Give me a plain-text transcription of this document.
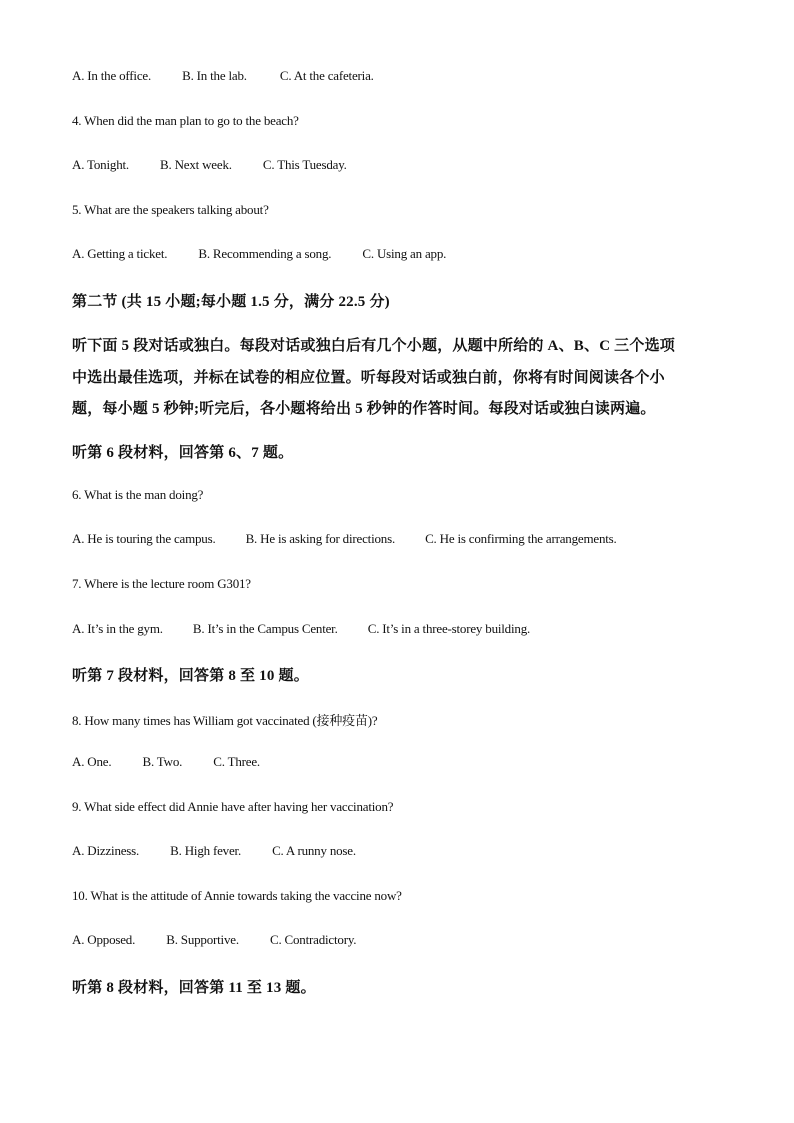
A. In the office. B. In the lab.	C. At the cafeteria.
4. When did the man plan to go to the beach?
A. Tonight. B. Next week. C. This Tuesday.
5. What are the speakers talking about?
A. Getting a ticket. B. Recommending a song. C. Using an app.
第二节 (共 15 小题;每小题 1.5 分，满分 22.5 分)
听下面 5 段对话或独白。每段对话或独白后有几个小题，从题中所给的 A、B、C 三个选项
中选出最佳选项，并标在试卷的相应位置。听每段对话或独白前，你将有时间阅读各个小
题，每小题 5 秒钟;听完后，各小题将给出 5 秒钟的作答时间。每段对话或独白读两遍。
听第 6 段材料，回答第 6、7 题。
6. What is the man doing?
A. He is touring the campus. B. He is asking for directions. C. He is confirming the arrangements.
7. Where is the lecture room G301?
A. It’s in the gym. B. It’s in the Campus Center. C. It’s in a three-storey building.
听第 7 段材料，回答第 8 至 10 题。
8. How many times has William got vaccinated (接种疫苗)?
A. One. B. Two. C. Three.
9. What side effect did Annie have after having her vaccination?
A. Dizziness. B. High fever. C. A runny nose.
10. What is the attitude of Annie towards taking the vaccine now?
A. Opposed. B. Supportive. C. Contradictory.
听第 8 段材料，回答第 11 至 13 题。
